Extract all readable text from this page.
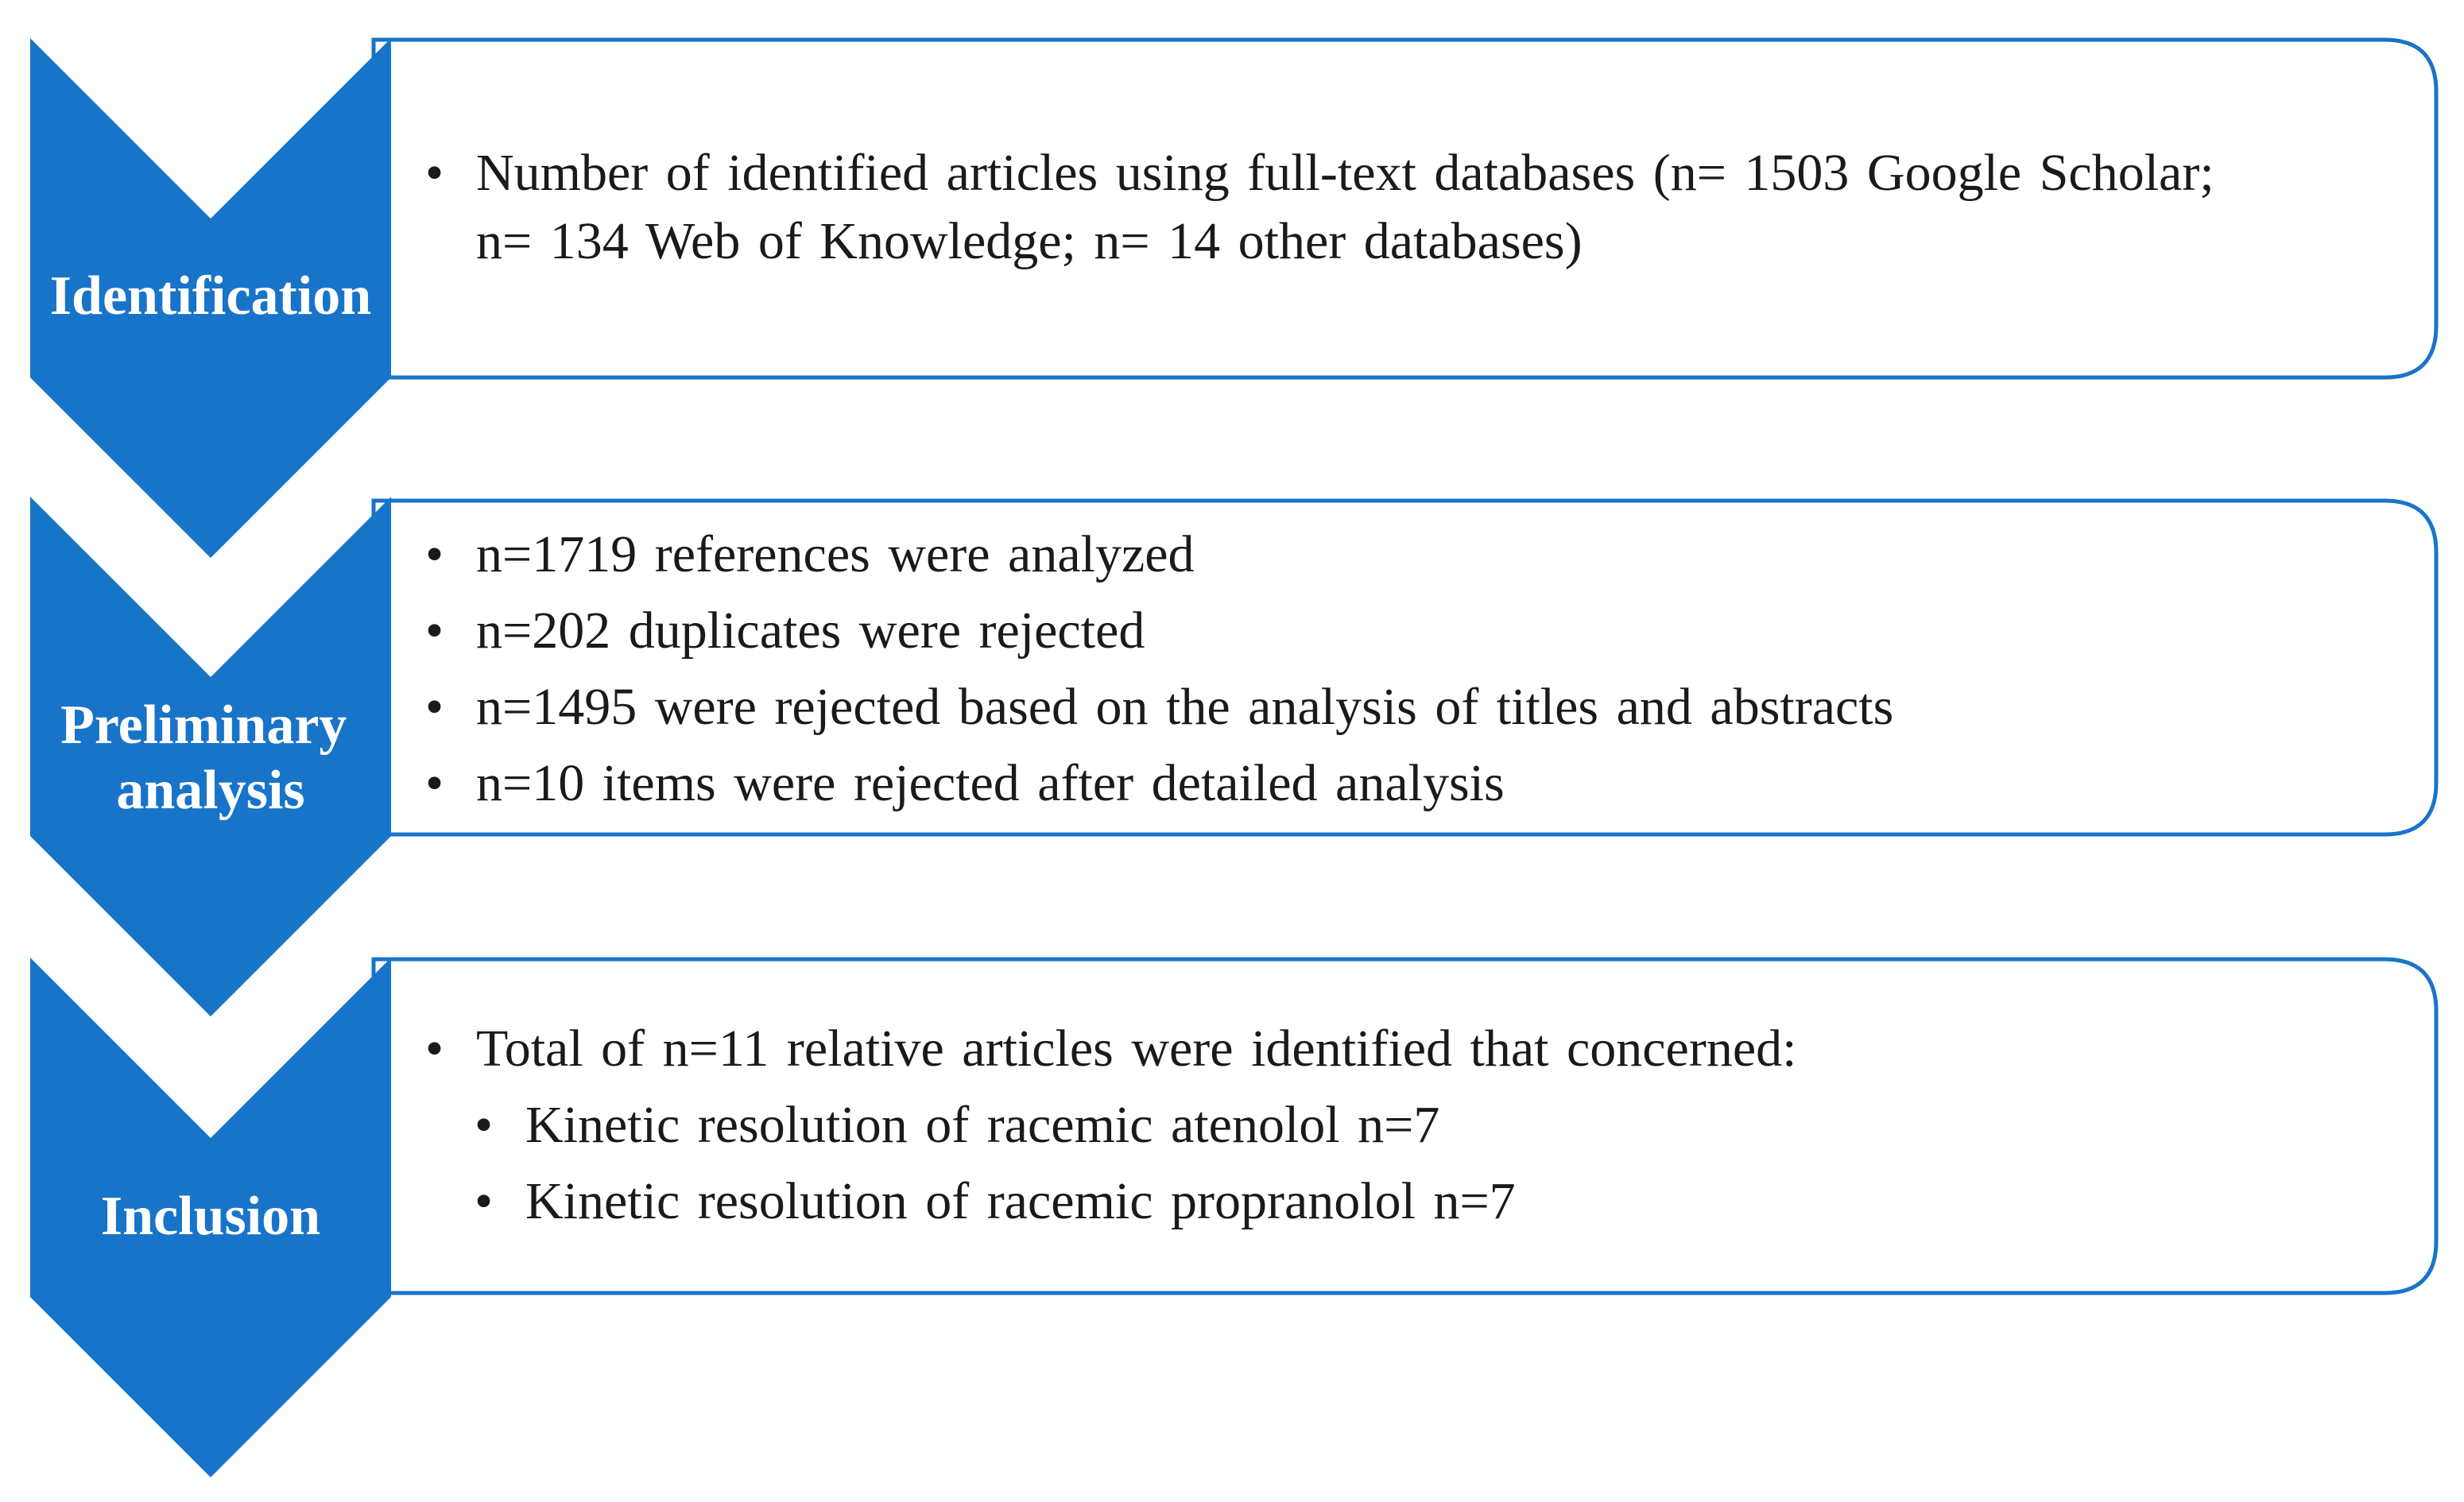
Identification
Preliminary analysis
Inclusion
• Number of identified articles using full-text databases (n= 1503 Google Scholar; n= 134 Web of Knowledge; n= 14 other databases)
• n=1719 references were analyzed
• n=202 duplicates were rejected
• n=1495 were rejected based on the analysis of titles and abstracts
• n=10 items were rejected after detailed analysis
• Total of n=11 relative articles were identified that concerned:
• Kinetic resolution of racemic atenolol n=7
• Kinetic resolution of racemic propranolol n=7
